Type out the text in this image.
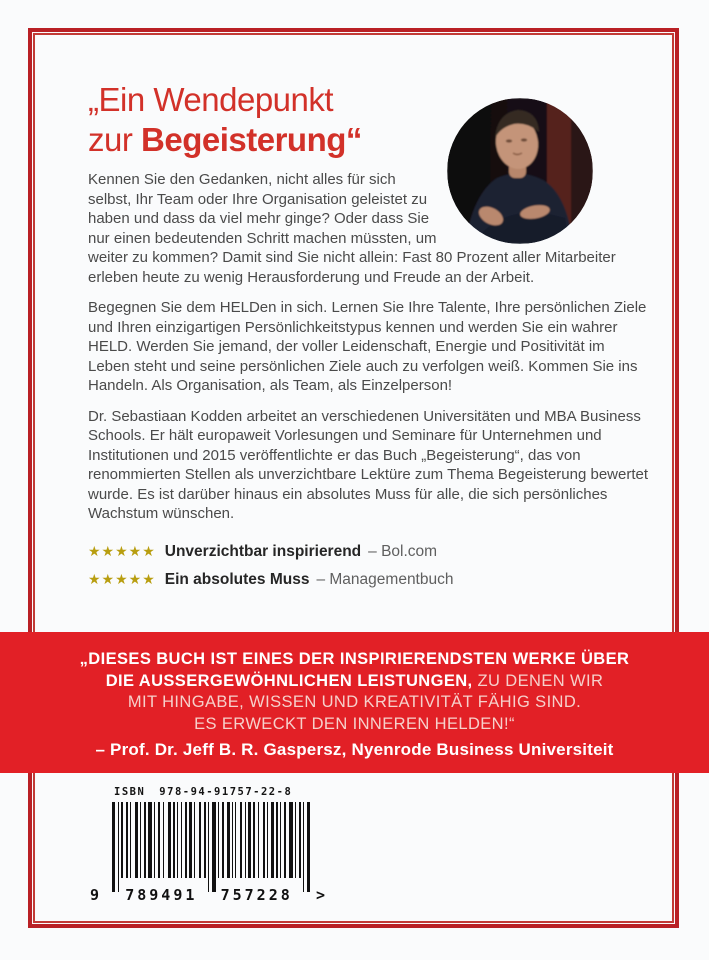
„Ein Wendepunkt
zur Begeisterung“

Kennen Sie den Gedanken, nicht alles für sich selbst, Ihr Team oder Ihre Organisation geleistet zu haben und dass da viel mehr ginge? Oder dass Sie nur einen bedeutenden Schritt machen müssten, um weiter zu kommen? Damit sind Sie nicht allein: Fast 80 Prozent aller Mitarbeiter erleben heute zu wenig Herausforderung und Freude an der Arbeit.

Begegnen Sie dem HELDen in sich. Lernen Sie Ihre Talente, Ihre persönlichen Ziele und Ihren einzigartigen Persönlichkeitstypus kennen und werden Sie ein wahrer HELD. Werden Sie jemand, der voller Leidenschaft, Energie und Positivität im Leben steht und seine persönlichen Ziele auch zu verfolgen weiß. Kommen Sie ins Handeln. Als Organisation, als Team, als Einzelperson!

Dr. Sebastiaan Kodden arbeitet an verschiedenen Universitäten und MBA Business Schools. Er hält europaweit Vorlesungen und Seminare für Unternehmen und Institutionen und 2015 veröffentlichte er das Buch „Begeisterung“, das von renommierten Stellen als unverzichtbare Lektüre zum Thema Begeisterung bewertet wurde. Es ist darüber hinaus ein absolutes Muss für alle, die sich persönliches Wachstum wünschen.

★★★★★ Unverzichtbar inspirierend – Bol.com
★★★★★ Ein absolutes Muss – Managementbuch
„DIESES BUCH IST EINES DER INSPIRIERENDSTEN WERKE ÜBER
DIE AUSSERGEWÖHNLICHEN LEISTUNGEN, ZU DENEN WIR
MIT HINGABE, WISSEN UND KREATIVITÄT FÄHIG SIND.
ES ERWECKT DEN INNEREN HELDEN!“
– Prof. Dr. Jeff B. R. Gaspersz, Nyenrode Business Universiteit
ISBN 978-94-91757-22-8
9 789491 757228 >
